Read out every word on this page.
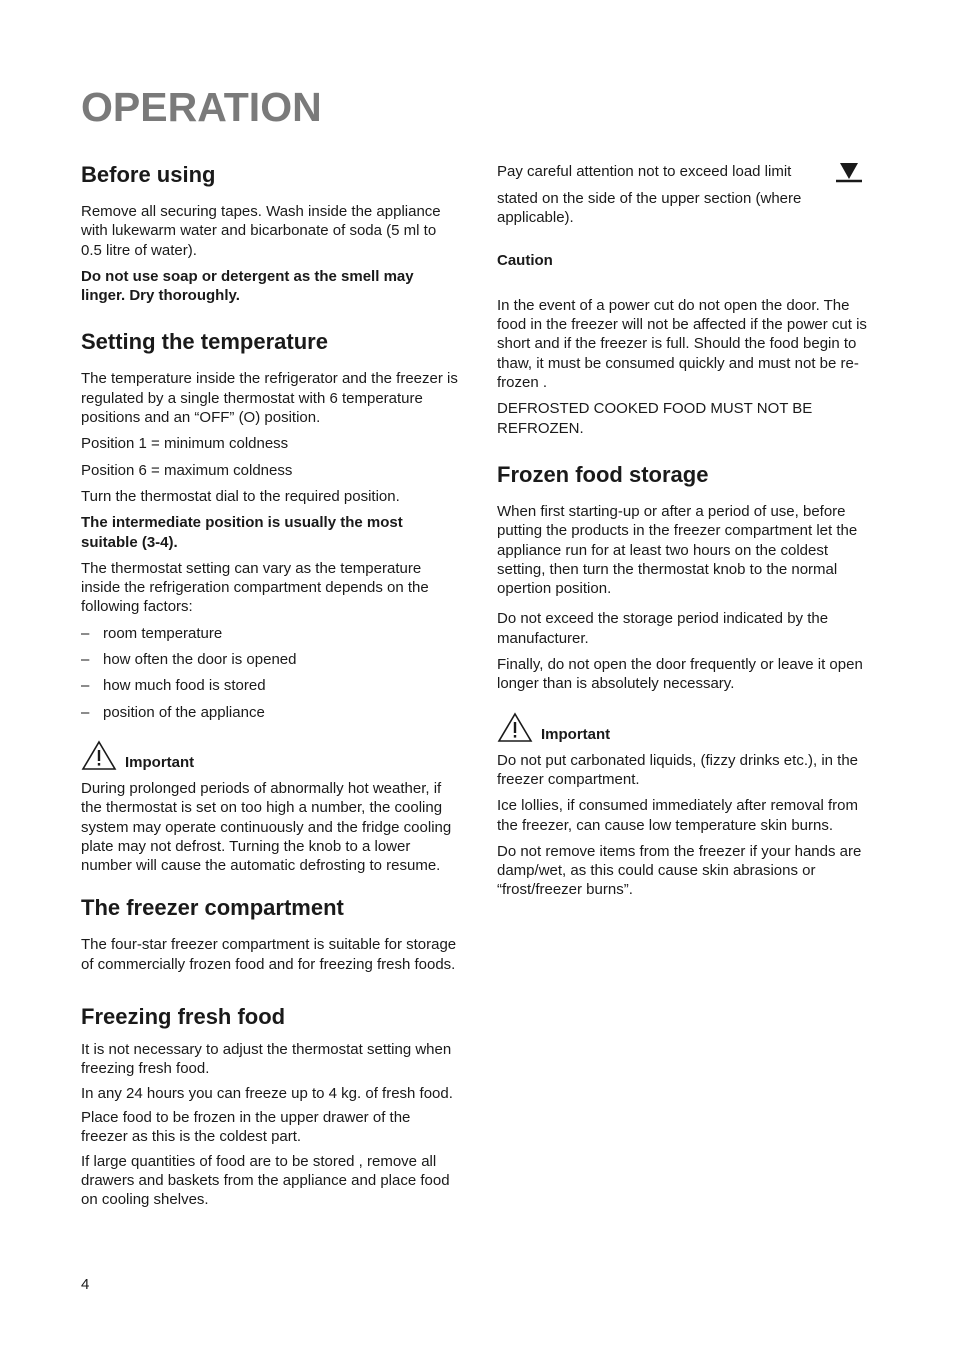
OPERATION
Before using

Remove all securing tapes. Wash inside the appliance with lukewarm water and bicarbonate of soda (5 ml to 0.5 litre of water).

Do not use soap or detergent as the smell may linger. Dry thoroughly.

Setting the temperature

The temperature inside the refrigerator and the freezer is regulated by a single thermostat with 6 temperature positions and an “OFF” (O) position.

Position 1 = minimum coldness

Position 6 = maximum coldness

Turn the thermostat dial to the required position.

The intermediate position is usually the most suitable (3-4).

The thermostat setting can vary as the temperature inside the refrigeration compartment depends on the following factors:

– room temperature
– how often the door is opened
– how much food is stored
– position of the appliance
Important

During prolonged periods of abnormally hot weather, if the thermostat is set on too high a number, the cooling system may operate continuously and the fridge cooling plate may not defrost. Turning the knob to a lower number will cause the automatic defrosting to resume.

The freezer compartment

The four-star freezer compartment is suitable for storage of commercially frozen food and for freezing fresh foods.

Freezing fresh food

It is not necessary to adjust the thermostat setting when freezing fresh food.

In any 24 hours you can freeze up to 4 kg. of fresh food.

Place food to be frozen in the upper drawer of the freezer as this is the coldest part.

If large quantities of food are to be stored , remove all drawers and baskets from the appliance and place food on cooling shelves.

Pay careful attention not to exceed load limit

stated on the side of the upper section (where applicable).

Caution

In the event of a power cut do not open the door. The food in the freezer will not be affected if the power cut is short and if the freezer is full. Should the food begin to thaw, it must be consumed quickly and must not be re-frozen .

DEFROSTED COOKED FOOD MUST NOT BE REFROZEN.

Frozen food storage

When first starting-up or after a period of use, before putting the products in the freezer compartment let the appliance run for at least two hours on the coldest setting, then turn the thermostat knob to the normal opertion position.

Do not exceed the storage period indicated by the manufacturer.

Finally, do not open the door frequently or leave it open longer than is absolutely necessary.

Important

Do not put carbonated liquids, (fizzy drinks etc.), in the freezer compartment.

Ice lollies, if consumed immediately after removal from the freezer, can cause low temperature skin burns.

Do not remove items from the freezer if your hands are damp/wet, as this could cause skin abrasions or “frost/freezer burns”.

4
